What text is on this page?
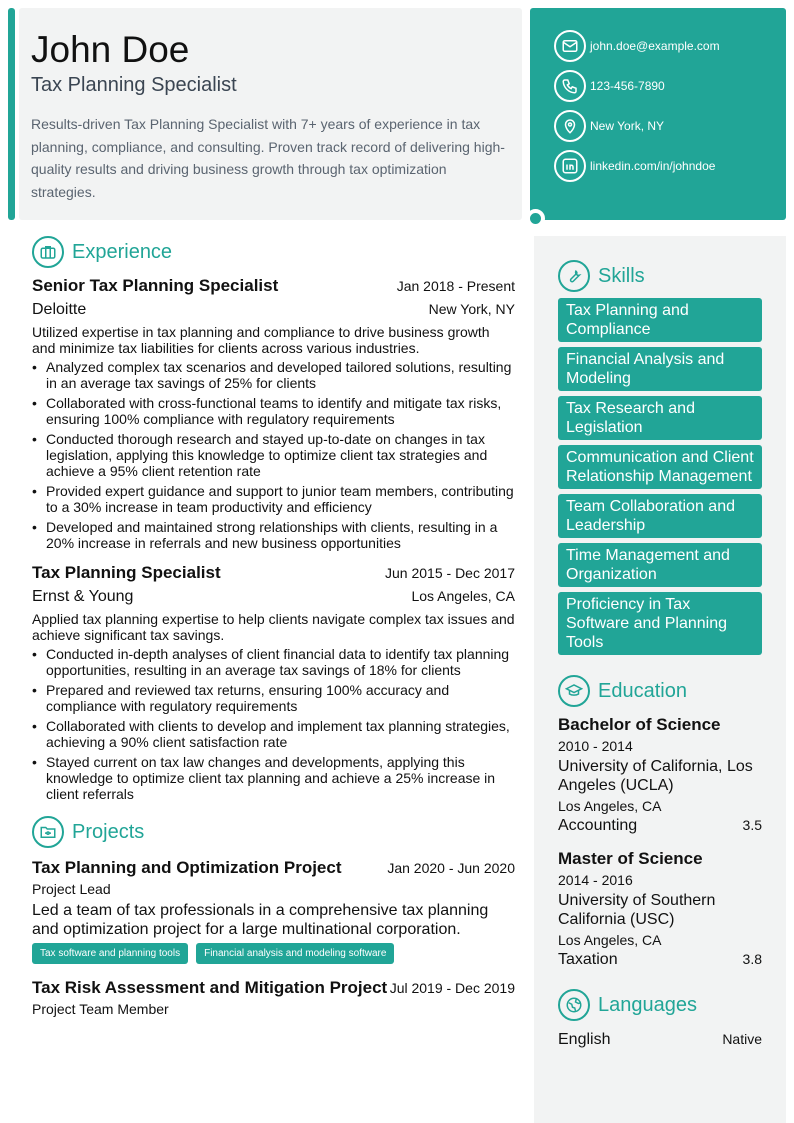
John Doe
Tax Planning Specialist

Results-driven Tax Planning Specialist with 7+ years of experience in tax planning, compliance, and consulting. Proven track record of delivering high-quality results and driving business growth through tax optimization strategies.

john.doe@example.com
123-456-7890
New York, NY
linkedin.com/in/johndoe
Experience
Senior Tax Planning Specialist	Jan 2018 - Present
Deloitte	New York, NY

Utilized expertise in tax planning and compliance to drive business growth and minimize tax liabilities for clients across various industries.

• Analyzed complex tax scenarios and developed tailored solutions, resulting in an average tax savings of 25% for clients
• Collaborated with cross-functional teams to identify and mitigate tax risks, ensuring 100% compliance with regulatory requirements
• Conducted thorough research and stayed up-to-date on changes in tax legislation, applying this knowledge to optimize client tax strategies and achieve a 95% client retention rate
• Provided expert guidance and support to junior team members, contributing to a 30% increase in team productivity and efficiency
• Developed and maintained strong relationships with clients, resulting in a 20% increase in referrals and new business opportunities
Tax Planning Specialist	Jun 2015 - Dec 2017
Ernst & Young	Los Angeles, CA

Applied tax planning expertise to help clients navigate complex tax issues and achieve significant tax savings.

• Conducted in-depth analyses of client financial data to identify tax planning opportunities, resulting in an average tax savings of 18% for clients
• Prepared and reviewed tax returns, ensuring 100% accuracy and compliance with regulatory requirements
• Collaborated with clients to develop and implement tax planning strategies, achieving a 90% client satisfaction rate
• Stayed current on tax law changes and developments, applying this knowledge to optimize client tax planning and achieve a 25% increase in client referrals
Projects
Tax Planning and Optimization Project	Jan 2020 - Jun 2020
Project Lead

Led a team of tax professionals in a comprehensive tax planning and optimization project for a large multinational corporation.

Tax software and planning tools	Financial analysis and modeling software
Tax Risk Assessment and Mitigation Project Jul 2019 - Dec 2019
Project Team Member
Skills
Tax Planning and Compliance
Financial Analysis and Modeling
Tax Research and Legislation
Communication and Client Relationship Management
Team Collaboration and Leadership
Time Management and Organization
Proficiency in Tax Software and Planning Tools
Education
Bachelor of Science
2010 - 2014
University of California, Los Angeles (UCLA)
Los Angeles, CA
Accounting	3.5
Master of Science
2014 - 2016
University of Southern California (USC)
Los Angeles, CA
Taxation	3.8
Languages
English	Native
